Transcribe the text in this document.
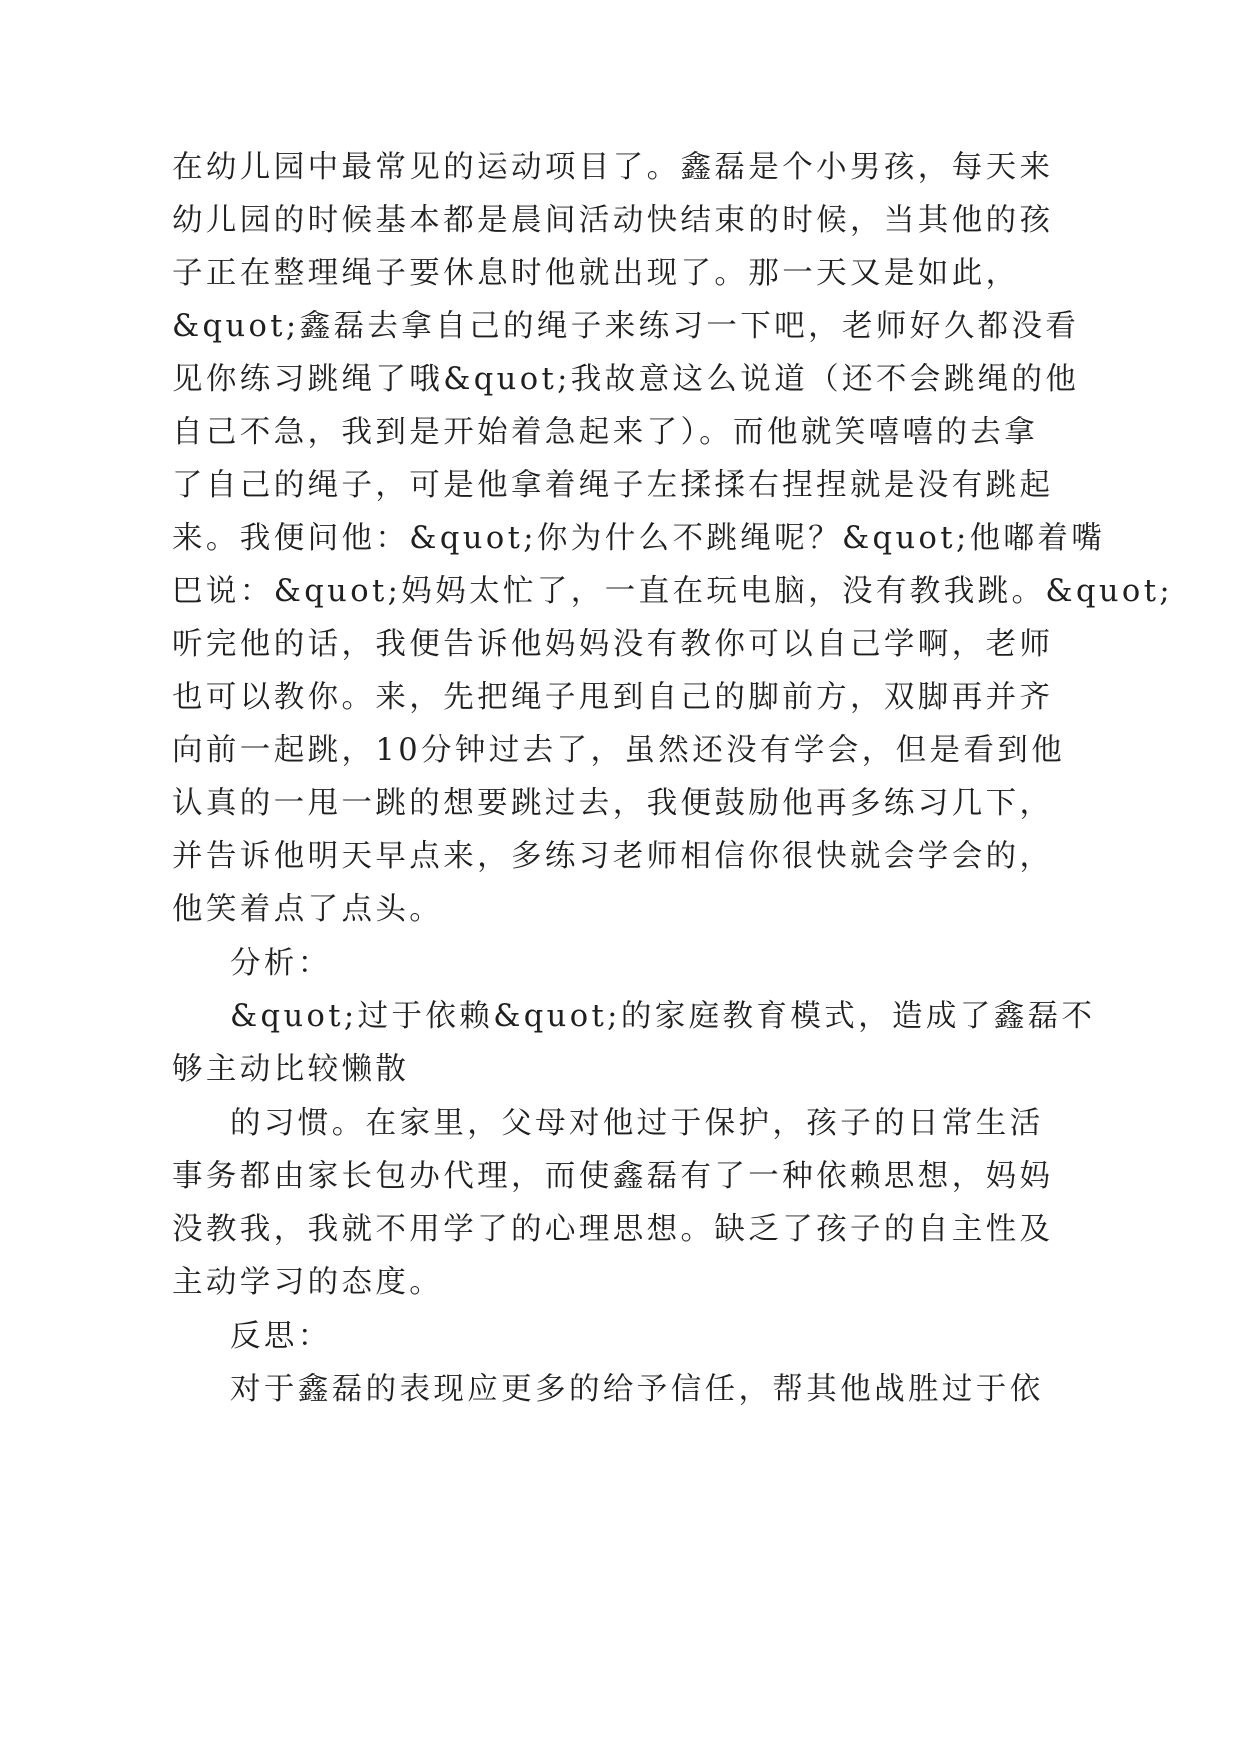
在幼儿园中最常见的运动项目了。鑫磊是个小男孩，每天来
幼儿园的时候基本都是晨间活动快结束的时候，当其他的孩
子正在整理绳子要休息时他就出现了。那一天又是如此，
&quot;鑫磊去拿自己的绳子来练习一下吧，老师好久都没看
见你练习跳绳了哦&quot;我故意这么说道（还不会跳绳的他
自己不急，我到是开始着急起来了）。而他就笑嘻嘻的去拿
了自己的绳子，可是他拿着绳子左揉揉右捏捏就是没有跳起
来。我便问他：&quot;你为什么不跳绳呢？&quot;他嘟着嘴
巴说：&quot;妈妈太忙了，一直在玩电脑，没有教我跳。&quot;
听完他的话，我便告诉他妈妈没有教你可以自己学啊，老师
也可以教你。来，先把绳子甩到自己的脚前方，双脚再并齐
向前一起跳，10分钟过去了，虽然还没有学会，但是看到他
认真的一甩一跳的想要跳过去，我便鼓励他再多练习几下，
并告诉他明天早点来，多练习老师相信你很快就会学会的，
他笑着点了点头。
分析：
&quot;过于依赖&quot;的家庭教育模式，造成了鑫磊不
够主动比较懒散
的习惯。在家里，父母对他过于保护，孩子的日常生活
事务都由家长包办代理，而使鑫磊有了一种依赖思想，妈妈
没教我，我就不用学了的心理思想。缺乏了孩子的自主性及
主动学习的态度。
反思：
对于鑫磊的表现应更多的给予信任，帮其他战胜过于依
